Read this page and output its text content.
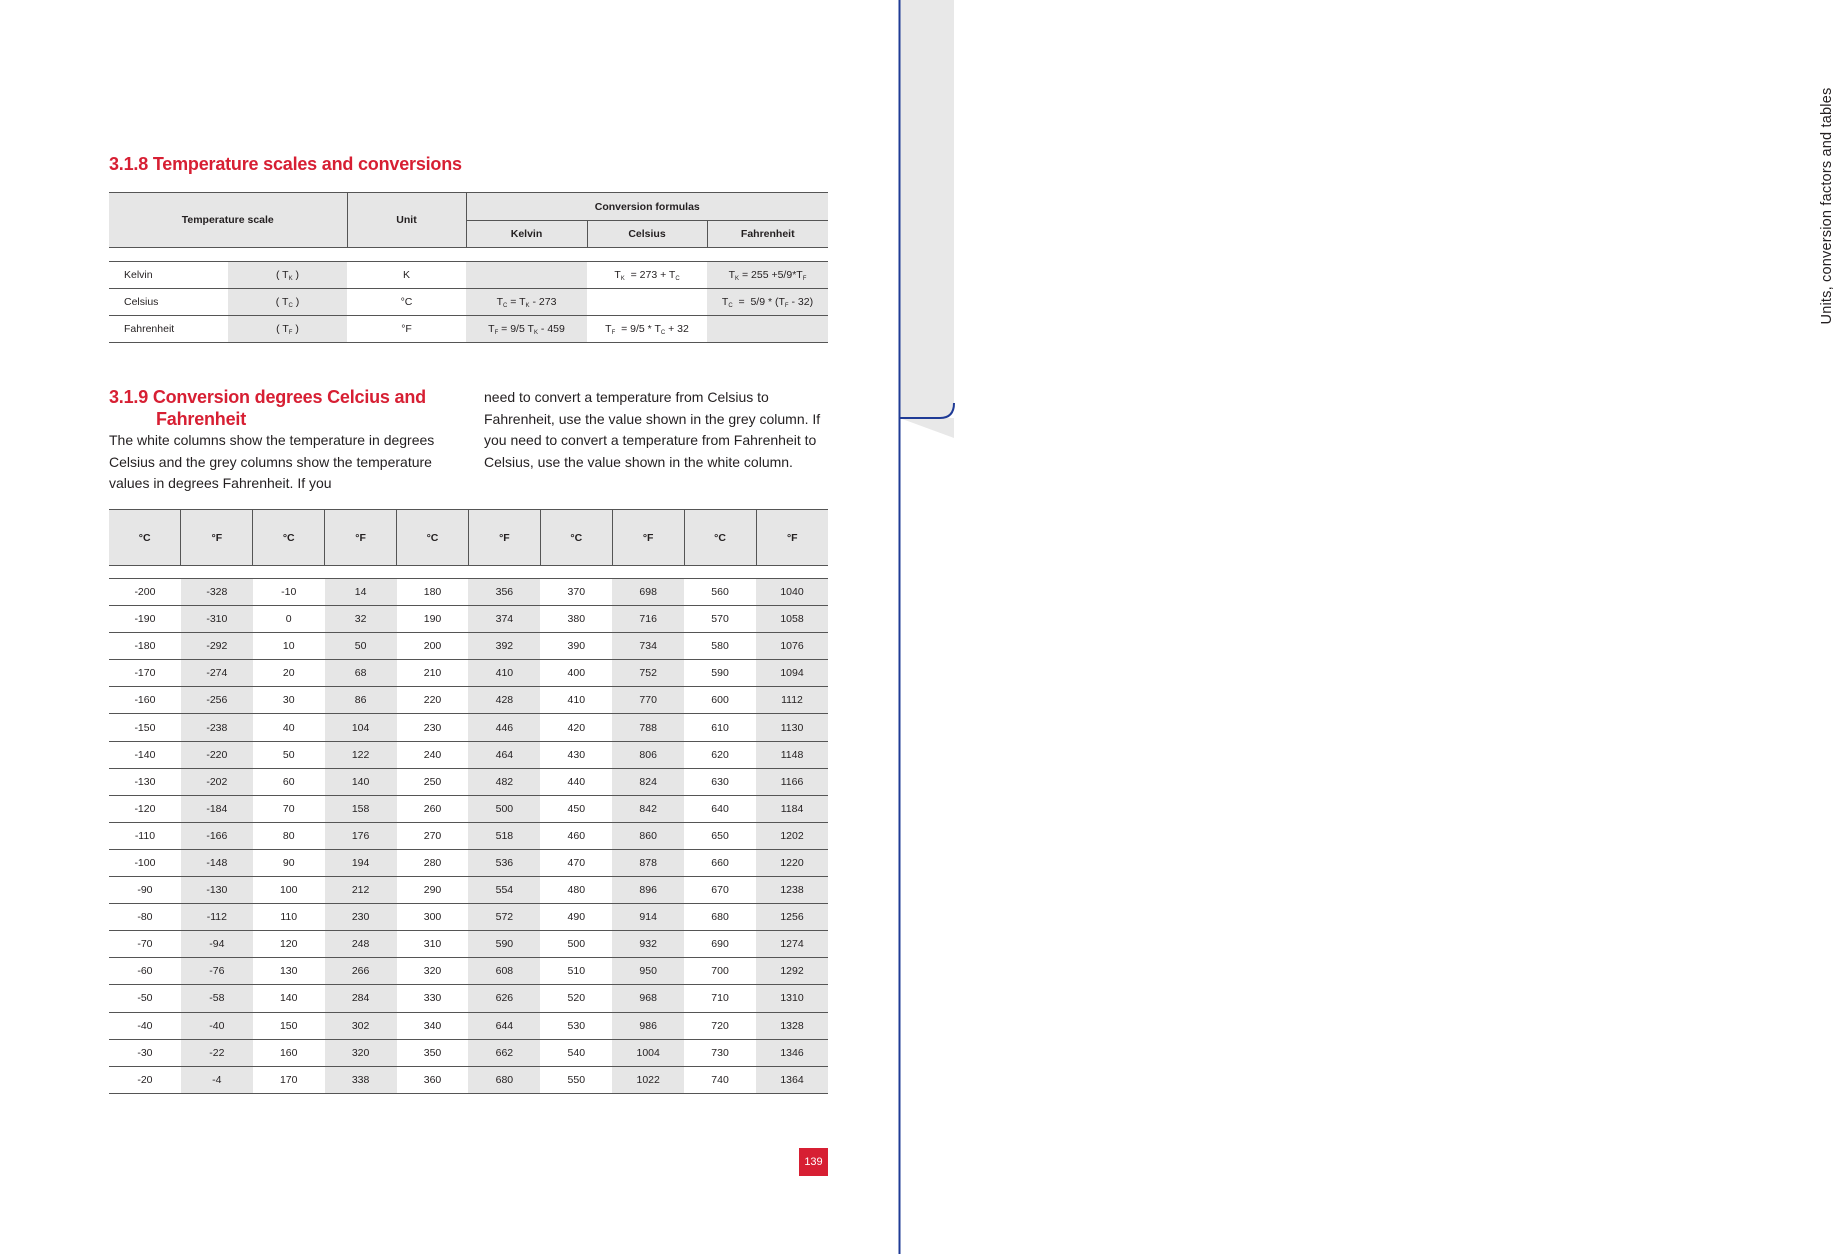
3.1.8 Temperature scales and conversions
Temperature scale		Unit	Conversion formulas		
			Kelvin	Celsius	Fahrenheit

Kelvin	( $T_K$ )	K		$T_K = 273 + T_C$	$T_K = 255 +5/9*T_F$
Celsius	( $T_C$ )	°C	$T_C = T_K - 273$		$T_C = 5/9 * (T_F - 32)$
Fahrenheit	( $T_F$ )	°F	$T_F = 9/5$ $T_K - 459$	$T_F = 9/5 * T_C + 32$	
3.1.9 Conversion degrees Celcius and
Fahrenheit

The white columns show the temperature in degrees Celsius and the grey columns show the temperature values in degrees Fahrenheit. If you

need to convert a temperature from Celsius to Fahrenheit, use the value shown in the grey column. If you need to convert a temperature from Fahrenheit to Celsius, use the value shown in the white column.

°C	°F	°C	°F	°C	°F	°C	°F	°C	°F

-200	-328	-10	14	180	356	370	698	560	1040
-190	-310	0	32	190	374	380	716	570	1058
-180	-292	10	50	200	392	390	734	580	1076
-170	-274	20	68	210	410	400	752	590	1094
-160	-256	30	86	220	428	410	770	600	1112
-150	-238	40	104	230	446	420	788	610	1130
-140	-220	50	122	240	464	430	806	620	1148
-130	-202	60	140	250	482	440	824	630	1166
-120	-184	70	158	260	500	450	842	640	1184
-110	-166	80	176	270	518	460	860	650	1202
-100	-148	90	194	280	536	470	878	660	1220
-90	-130	100	212	290	554	480	896	670	1238
-80	-112	110	230	300	572	490	914	680	1256
-70	-94	120	248	310	590	500	932	690	1274
-60	-76	130	266	320	608	510	950	700	1292
-50	-58	140	284	330	626	520	968	710	1310
-40	-40	150	302	340	644	530	986	720	1328
-30	-22	160	320	350	662	540	1004	730	1346
-20	-4	170	338	360	680	550	1022	740	1364
139
Units, conversion factors and tables
